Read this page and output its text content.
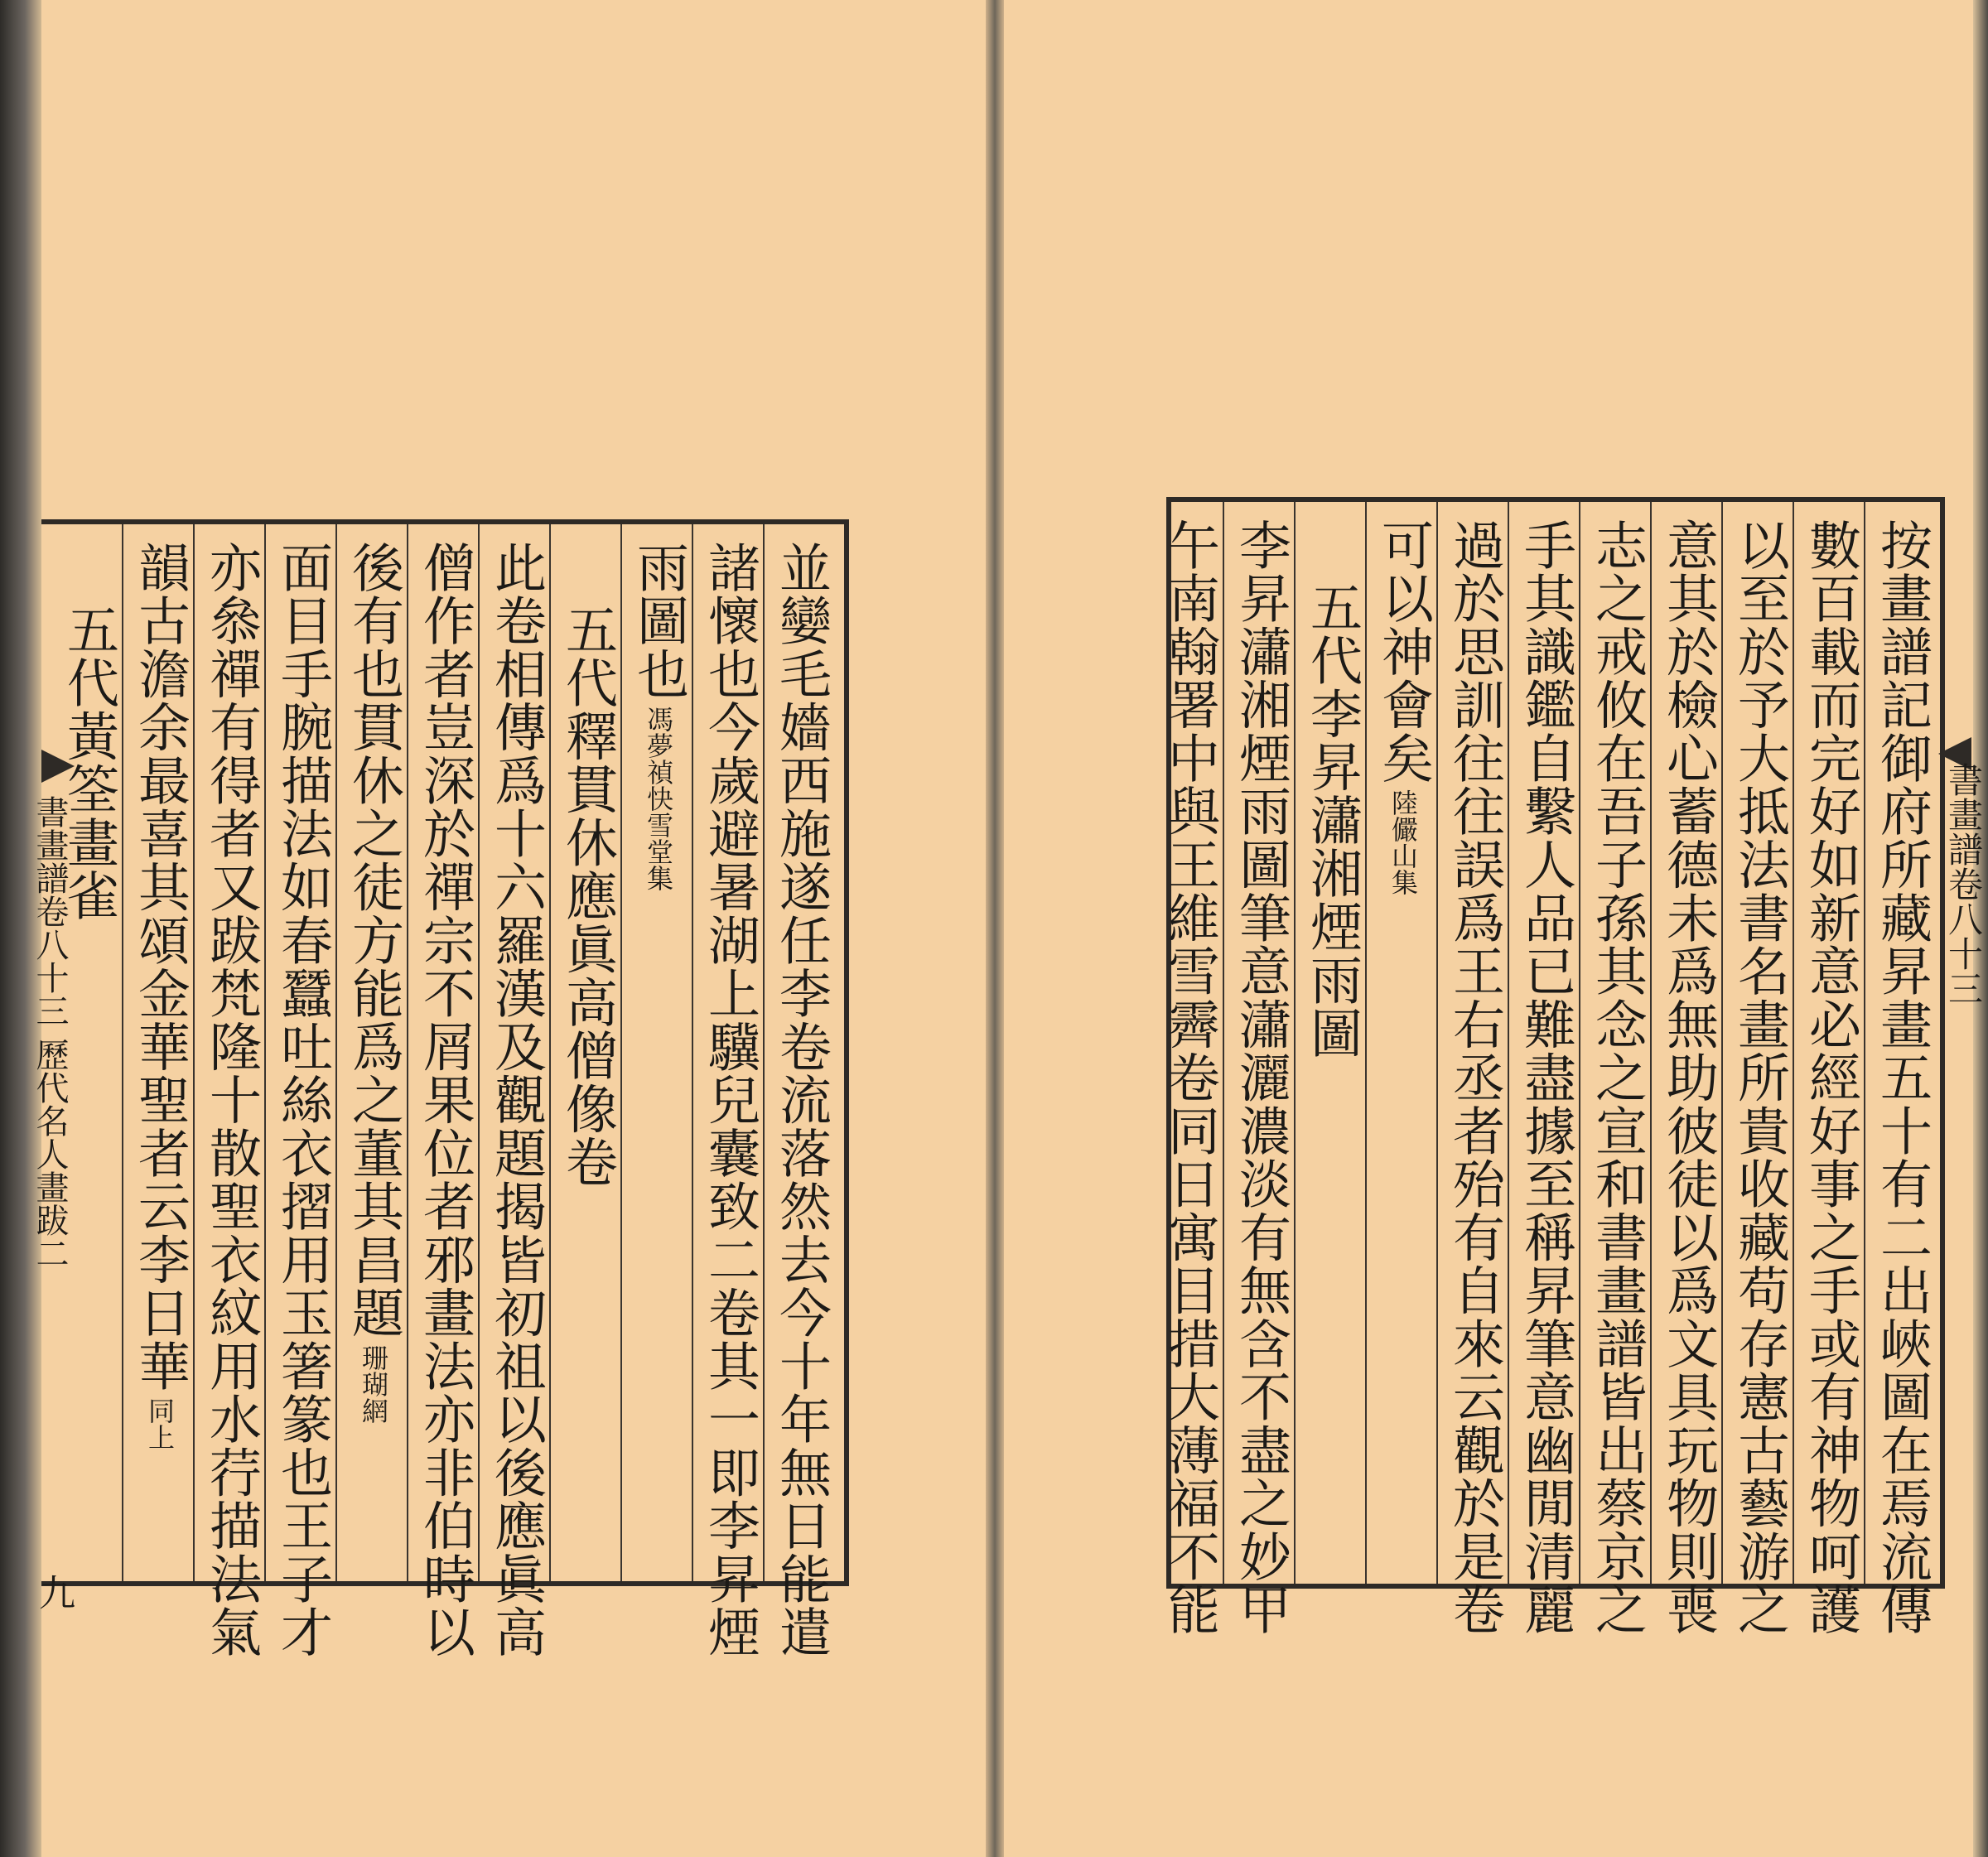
並孌毛嬙西施遂任李卷流落然去今十年無日能遣
諸懷也今歲避暑湖上驥兒囊致二卷其一即李昇煙
雨圖也馮夢禎快雪堂集
五代釋貫休應眞高僧像卷
此卷相傳爲十六羅漢及觀題揭皆初祖以後應眞高
僧作者豈深於禪宗不屑果位者邪畫法亦非伯時以
後有也貫休之徒方能爲之董其昌題珊瑚網
面目手腕描法如春蠶吐絲衣摺用玉箸篆也王子才
亦叅禪有得者又跋梵隆十散聖衣紋用水荇描法氣
韻古澹余最喜其頌金華聖者云李日華同上
五代黃筌畫雀
書畫譜卷八十三 歷代名人畫跋二
九	按畫譜記御府所藏昇畫五十有二出峽圖在焉流傳
數百載而完好如新意必經好事之手或有神物呵護
以至於予大抵法書名畫所貴收藏苟存憲古藝游之
意其於檢心蓄德未爲無助彼徒以爲文具玩物則喪
志之戒攸在吾子孫其念之宣和書畫譜皆出蔡京之
手其識鑑自繫人品已難盡據至稱昇筆意幽閒清麗
過於思訓往往誤爲王右丞者殆有自來云觀於是卷
可以神會矣陸儼山集
五代李昇瀟湘煙雨圖
李昇瀟湘煙雨圖筆意瀟灑濃淡有無含不盡之妙甲
午南翰署中與王維雪霽卷同日寓目措大薄福不能	書畫譜卷八十三
